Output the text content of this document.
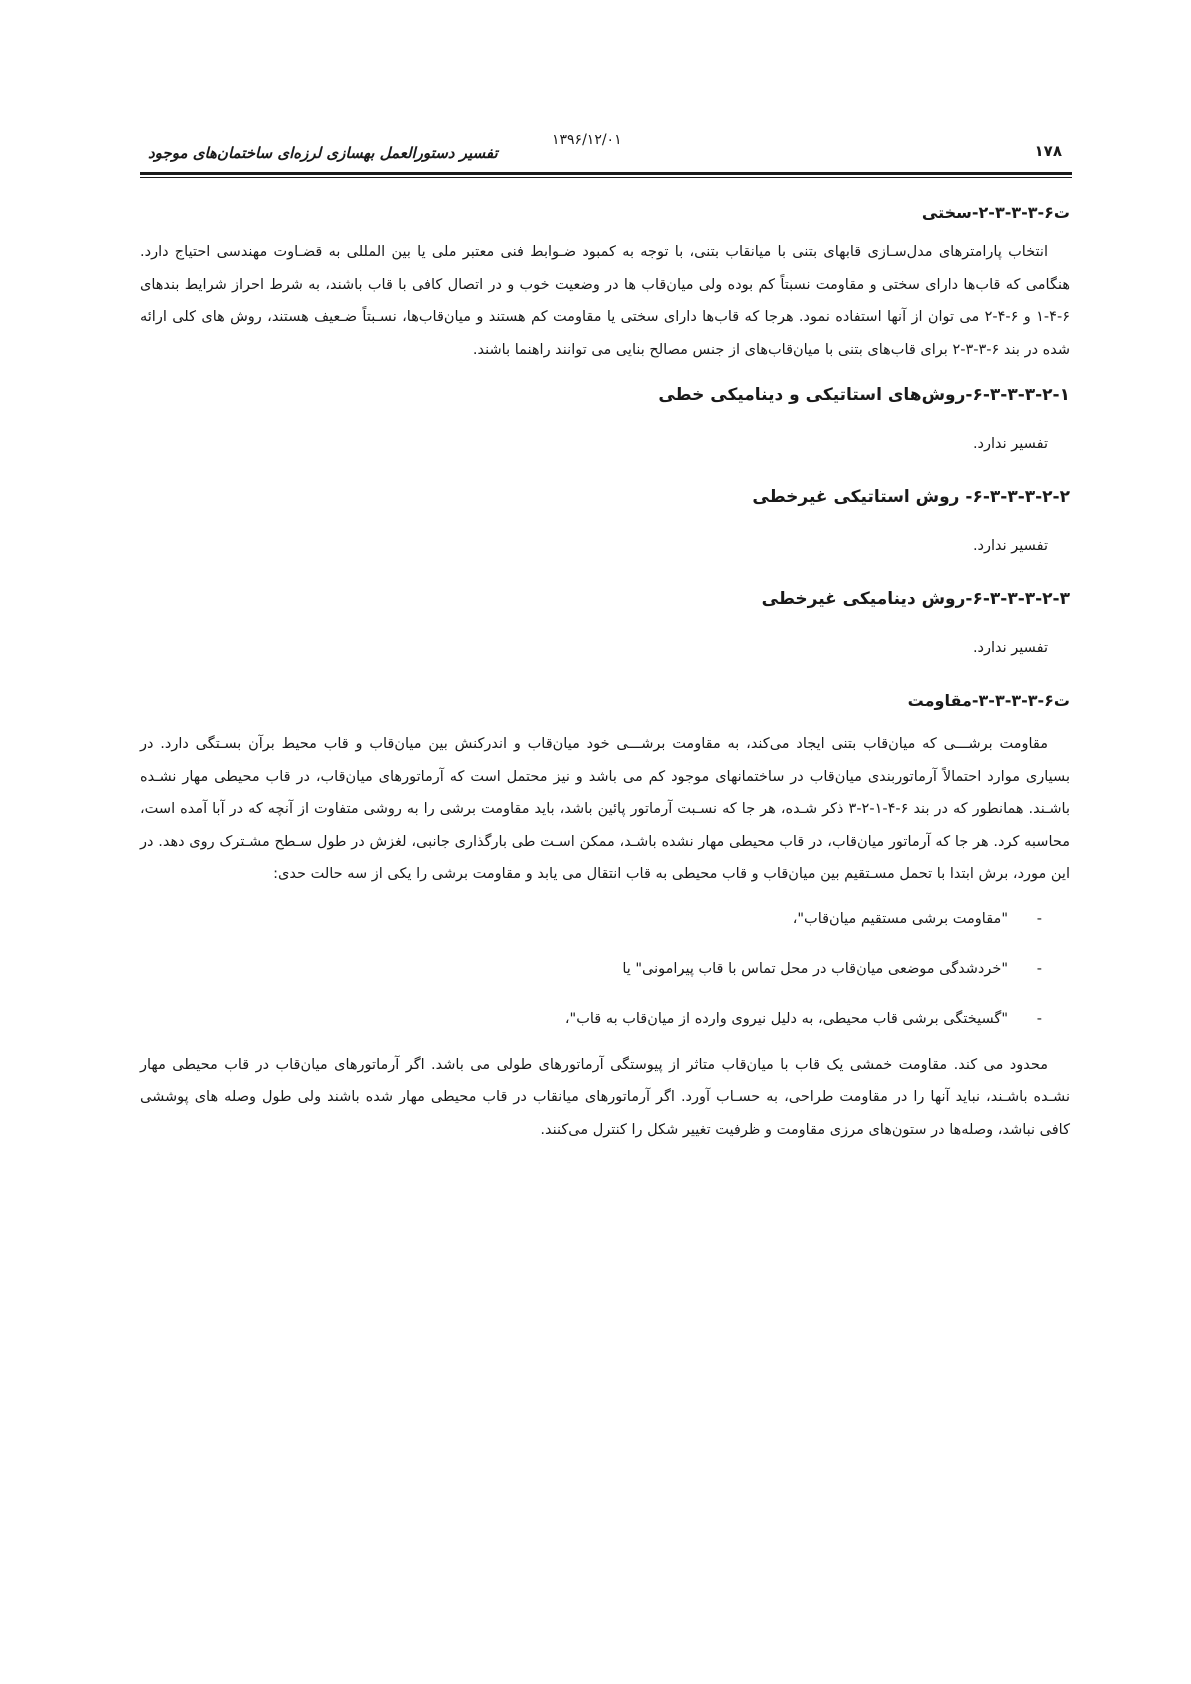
۱۷۸
۱۳۹۶/۱۲/۰۱
تفسیر دستورالعمل بهسازی لرزه‌ای ساختمان‌های موجود
ت۶-۳-۳-۳-۲-سختی

انتخاب پارامترهای مدل‌سـازی قابهای بتنی با میانقاب بتنی، با توجه به کمبود ضـوابط فنی معتبر ملی یا بین المللی به قضـاوت مهندسی احتیاج دارد. هنگامی که قاب‌ها دارای سختی و مقاومت نسبتاً کم بوده ولی میان‌قاب ها در وضعیت خوب و در اتصال کافی با قاب باشند، به شرط احراز شرایط بندهای ۶-۴-۱ و ۶-۴-۲ می توان از آنها استفاده نمود. هرجا که قاب‌ها دارای سختی یا مقاومت کم هستند و میان‌قاب‌ها، نسـبتاً ضـعیف هستند، روش های کلی ارائه شده در بند ۶-۳-۳-۲ برای قاب‌های بتنی با میان‌قاب‌های از جنس مصالح بنایی می توانند راهنما باشند.

۶-۳-۳-۳-۲-۱-روش‌های استاتیکی و دینامیکی خطی

تفسیر ندارد.

۶-۳-۳-۳-۲-۲- روش استاتیکی غیرخطی

تفسیر ندارد.

۶-۳-۳-۳-۲-۳-روش دینامیکی غیرخطی

تفسیر ندارد.

ت۶-۳-۳-۳-۳-مقاومت

مقاومت برشـــی که میان‌قاب بتنی ایجاد می‌کند، به مقاومت برشـــی خود میان‌قاب و اندرکنش بین میان‌قاب و قاب محیط برآن بسـتگی دارد. در بسیاری موارد احتمالاً آرماتوربندی میان‌قاب در ساختمانهای موجود کم می باشد و نیز محتمل است که آرماتورهای میان‌قاب، در قاب محیطی مهار نشـده باشـند. همانطور که در بند ۶-۴-۱-۲-۳ ذکر شـده، هر جا که نسـبت آرماتور پائین باشد، باید مقاومت برشی را به روشی متفاوت از آنچه که در آبا آمده است، محاسبه کرد. هر جا که آرماتور میان‌قاب، در قاب محیطی مهار نشده باشـد، ممکن اسـت طی بارگذاری جانبی، لغزش در طول سـطح مشـترک روی دهد. در این مورد، برش ابتدا با تحمل مسـتقیم بین میان‌قاب و قاب محیطی به قاب انتقال می یابد و مقاومت برشی را یکی از سه حالت حدی:

-
"مقاومت برشی مستقیم میان‌قاب"،
-
"خردشدگی موضعی میان‌قاب در محل تماس با قاب پیرامونی" یا
-
"گسیختگی برشی قاب محیطی، به دلیل نیروی وارده از میان‌قاب به قاب"،

محدود می کند. مقاومت خمشی یک قاب با میان‌قاب متاثر از پیوستگی آرماتورهای طولی می باشد. اگر آرماتورهای میان‌قاب در قاب محیطی مهار نشـده باشـند، نباید آنها را در مقاومت طراحی، به حسـاب آورد. اگر آرماتورهای میانقاب در قاب محیطی مهار شده باشند ولی طول وصله های پوششی کافی نباشد، وصله‌ها در ستون‌های مرزی مقاومت و ظرفیت تغییر شکل را کنترل می‌کنند.
